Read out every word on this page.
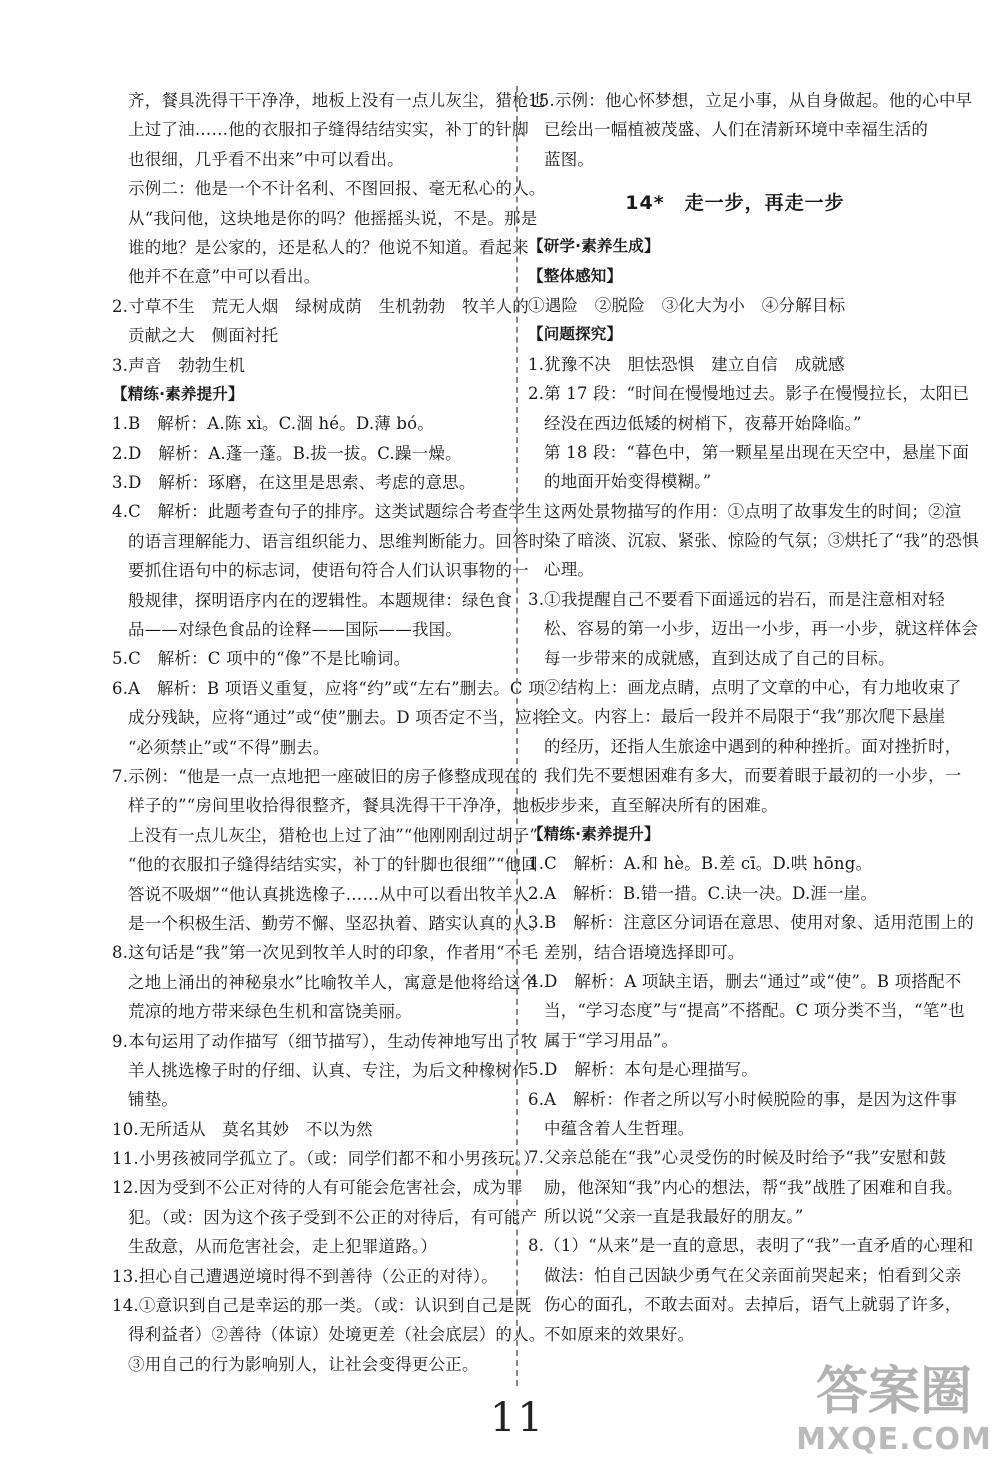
齐，餐具洗得干干净净，地板上没有一点儿灰尘，猎枪也
上过了油……他的衣服扣子缝得结结实实，补丁的针脚
也很细，几乎看不出来”中可以看出。
示例二：他是一个不计名利、不图回报、毫无私心的人。
从“我问他，这块地是你的吗？他摇摇头说，不是。那是
谁的地？是公家的，还是私人的？他说不知道。看起来
他并不在意”中可以看出。
2.寸草不生　荒无人烟　绿树成荫　生机勃勃　牧羊人的
贡献之大　侧面衬托
3.声音　勃勃生机
【精练·素养提升】
1.B　解析：A.陈 xì。C.涸 hé。D.薄 bó。
2.D　解析：A.蓬一蓬。B.拔一拔。C.躁一燥。
3.D　解析：琢磨，在这里是思索、考虑的意思。
4.C　解析：此题考查句子的排序。这类试题综合考查学生
的语言理解能力、语言组织能力、思维判断能力。回答时
要抓住语句中的标志词，使语句符合人们认识事物的一
般规律，探明语序内在的逻辑性。本题规律：绿色食
品——对绿色食品的诠释——国际——我国。
5.C　解析：C 项中的“像”不是比喻词。
6.A　解析：B 项语义重复，应将“约”或“左右”删去。C 项
成分残缺，应将“通过”或“使”删去。D 项否定不当，应将
“必须禁止”或“不得”删去。
7.示例：“他是一点一点地把一座破旧的房子修整成现在的
样子的”“房间里收拾得很整齐，餐具洗得干干净净，地板
上没有一点儿灰尘，猎枪也上过了油”“他刚刚刮过胡子”
“他的衣服扣子缝得结结实实，补丁的针脚也很细”“他回
答说不吸烟”“他认真挑选橡子……从中可以看出牧羊人
是一个积极生活、勤劳不懈、坚忍执着、踏实认真的人。
8.这句话是“我”第一次见到牧羊人时的印象，作者用“不毛
之地上涌出的神秘泉水”比喻牧羊人，寓意是他将给这个
荒凉的地方带来绿色生机和富饶美丽。
9.本句运用了动作描写（细节描写），生动传神地写出了牧
羊人挑选橡子时的仔细、认真、专注，为后文种橡树作
铺垫。
10.无所适从　莫名其妙　不以为然
11.小男孩被同学孤立了。（或：同学们都不和小男孩玩。）
12.因为受到不公正对待的人有可能会危害社会，成为罪
犯。（或：因为这个孩子受到不公正的对待后，有可能产
生敌意，从而危害社会，走上犯罪道路。）
13.担心自己遭遇逆境时得不到善待（公正的对待）。
14.①意识到自己是幸运的那一类。（或：认识到自己是既
得利益者）②善待（体谅）处境更差（社会底层）的人。
③用自己的行为影响别人，让社会变得更公正。
15.示例：他心怀梦想，立足小事，从自身做起。他的心中早
已绘出一幅植被茂盛、人们在清新环境中幸福生活的
蓝图。
14*　走一步，再走一步
【研学·素养生成】
【整体感知】
①遇险　②脱险　③化大为小　④分解目标
【问题探究】
1.犹豫不决　胆怯恐惧　建立自信　成就感
2.第 17 段：“时间在慢慢地过去。影子在慢慢拉长，太阳已
经没在西边低矮的树梢下，夜幕开始降临。”
第 18 段：“暮色中，第一颗星星出现在天空中，悬崖下面
的地面开始变得模糊。”
这两处景物描写的作用：①点明了故事发生的时间；②渲
染了暗淡、沉寂、紧张、惊险的气氛；③烘托了“我”的恐惧
心理。
3.①我提醒自己不要看下面遥远的岩石，而是注意相对轻
松、容易的第一小步，迈出一小步，再一小步，就这样体会
每一步带来的成就感，直到达成了自己的目标。
②结构上：画龙点睛，点明了文章的中心，有力地收束了
全文。内容上：最后一段并不局限于“我”那次爬下悬崖
的经历，还指人生旅途中遇到的种种挫折。面对挫折时，
我们先不要想困难有多大，而要着眼于最初的一小步，一
步步来，直至解决所有的困难。
【精练·素养提升】
1.C　解析：A.和 hè。B.差 cī。D.哄 hōng。
2.A　解析：B.错一措。C.诀一决。D.涯一崖。
3.B　解析：注意区分词语在意思、使用对象、适用范围上的
差别，结合语境选择即可。
4.D　解析：A 项缺主语，删去“通过”或“使”。B 项搭配不
当，“学习态度”与“提高”不搭配。C 项分类不当，“笔”也
属于“学习用品”。
5.D　解析：本句是心理描写。
6.A　解析：作者之所以写小时候脱险的事，是因为这件事
中蕴含着人生哲理。
7.父亲总能在“我”心灵受伤的时候及时给予“我”安慰和鼓
励，他深知“我”内心的想法，帮“我”战胜了困难和自我。
所以说“父亲一直是我最好的朋友。”
8.（1）“从来”是一直的意思，表明了“我”一直矛盾的心理和
做法：怕自己因缺少勇气在父亲面前哭起来；怕看到父亲
伤心的面孔，不敢去面对。去掉后，语气上就弱了许多，
不如原来的效果好。
11	答案圈
MXQE.COM
